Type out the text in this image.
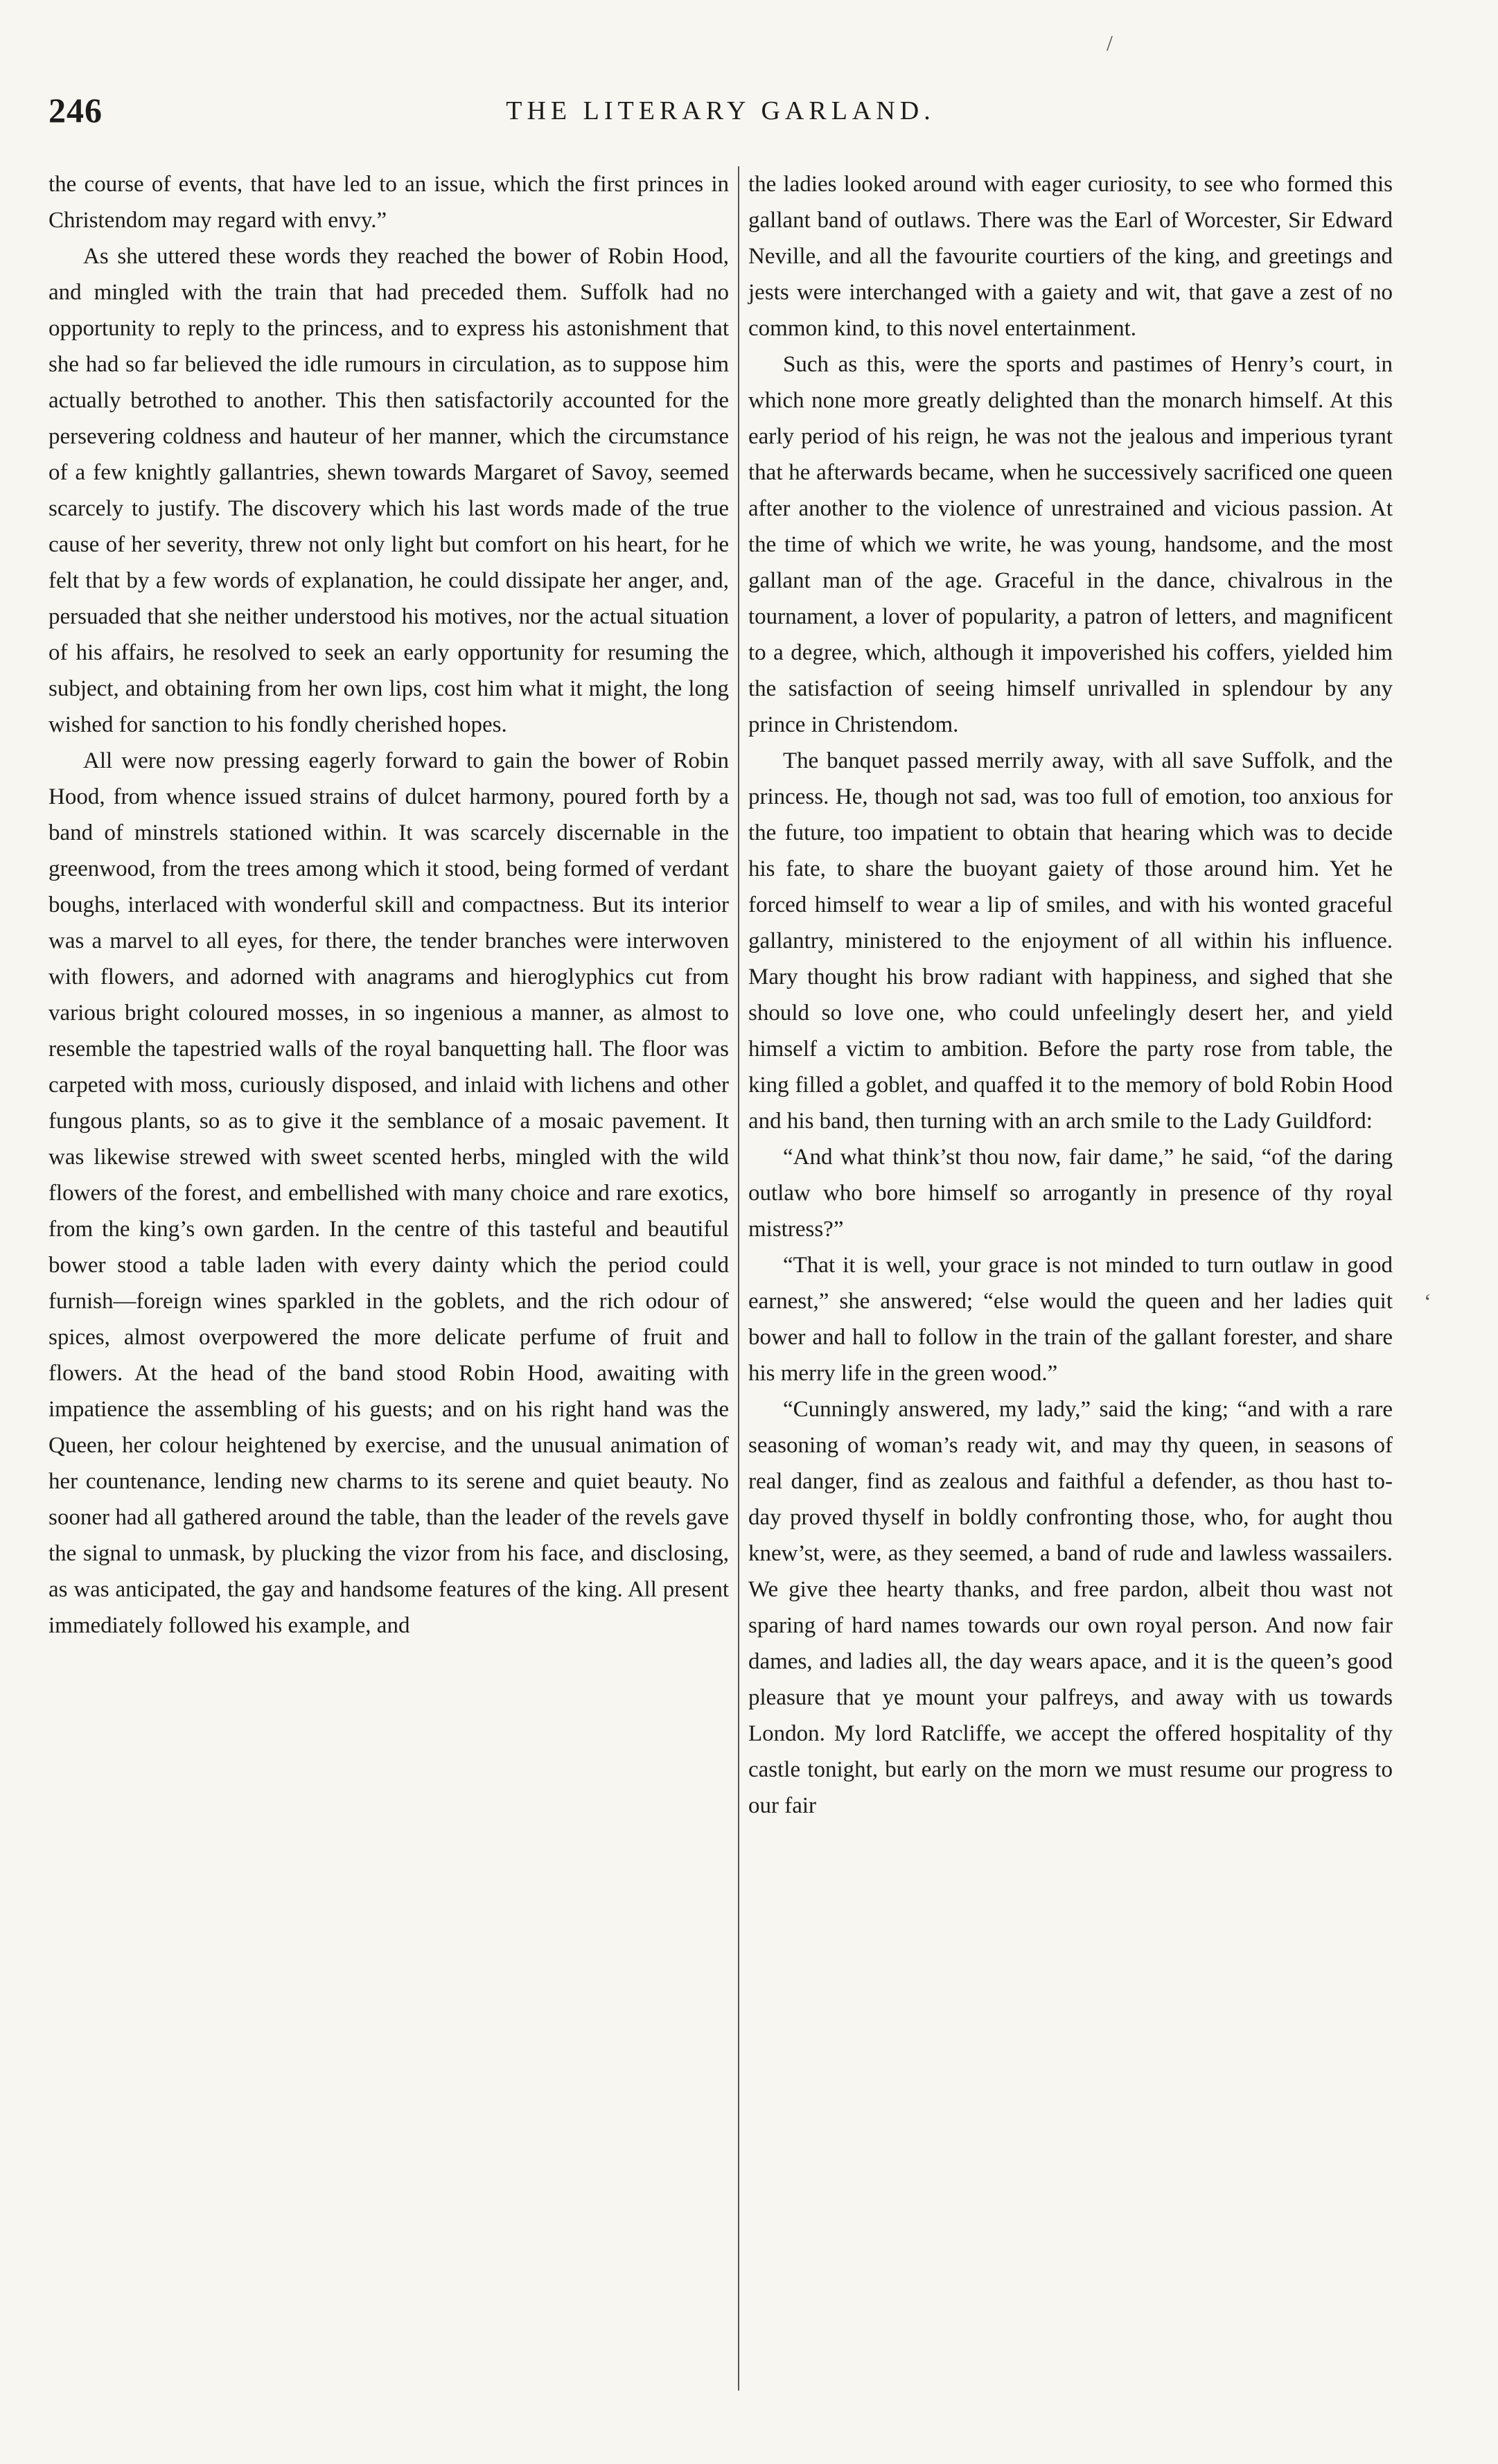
246	THE LITERARY GARLAND.
/
‘

the course of events, that have led to an issue, which the first princes in Christendom may regard with envy.”

As she uttered these words they reached the bower of Robin Hood, and mingled with the train that had preceded them. Suffolk had no opportunity to reply to the princess, and to express his astonishment that she had so far believed the idle rumours in circulation, as to suppose him actually betrothed to another. This then satisfactorily accounted for the persevering coldness and hauteur of her manner, which the circumstance of a few knightly gallantries, shewn towards Margaret of Savoy, seemed scarcely to justify. The discovery which his last words made of the true cause of her severity, threw not only light but comfort on his heart, for he felt that by a few words of explanation, he could dissipate her anger, and, persuaded that she neither understood his motives, nor the actual situation of his affairs, he resolved to seek an early opportunity for resuming the subject, and obtaining from her own lips, cost him what it might, the long wished for sanction to his fondly cherished hopes.

All were now pressing eagerly forward to gain the bower of Robin Hood, from whence issued strains of dulcet harmony, poured forth by a band of minstrels stationed within. It was scarcely discernable in the greenwood, from the trees among which it stood, being formed of verdant boughs, interlaced with wonderful skill and compactness. But its interior was a marvel to all eyes, for there, the tender branches were interwoven with flowers, and adorned with anagrams and hieroglyphics cut from various bright coloured mosses, in so ingenious a manner, as almost to resemble the tapestried walls of the royal banquetting hall. The floor was carpeted with moss, curiously disposed, and inlaid with lichens and other fungous plants, so as to give it the semblance of a mosaic pavement. It was likewise strewed with sweet scented herbs, mingled with the wild flowers of the forest, and embellished with many choice and rare exotics, from the king’s own garden. In the centre of this tasteful and beautiful bower stood a table laden with every dainty which the period could furnish—foreign wines sparkled in the goblets, and the rich odour of spices, almost overpowered the more delicate perfume of fruit and flowers. At the head of the band stood Robin Hood, awaiting with impatience the assembling of his guests; and on his right hand was the Queen, her colour heightened by exercise, and the unusual animation of her countenance, lending new charms to its serene and quiet beauty. No sooner had all gathered around the table, than the leader of the revels gave the signal to unmask, by plucking the vizor from his face, and disclosing, as was anticipated, the gay and handsome features of the king. All present immediately followed his example, and

the ladies looked around with eager curiosity, to see who formed this gallant band of outlaws. There was the Earl of Worcester, Sir Edward Neville, and all the favourite courtiers of the king, and greetings and jests were interchanged with a gaiety and wit, that gave a zest of no common kind, to this novel entertainment.

Such as this, were the sports and pastimes of Henry’s court, in which none more greatly delighted than the monarch himself. At this early period of his reign, he was not the jealous and imperious tyrant that he afterwards became, when he successively sacrificed one queen after another to the violence of unrestrained and vicious passion. At the time of which we write, he was young, handsome, and the most gallant man of the age. Graceful in the dance, chivalrous in the tournament, a lover of popularity, a patron of letters, and magnificent to a degree, which, although it impoverished his coffers, yielded him the satisfaction of seeing himself unrivalled in splendour by any prince in Christendom.

The banquet passed merrily away, with all save Suffolk, and the princess. He, though not sad, was too full of emotion, too anxious for the future, too impatient to obtain that hearing which was to decide his fate, to share the buoyant gaiety of those around him. Yet he forced himself to wear a lip of smiles, and with his wonted graceful gallantry, ministered to the enjoyment of all within his influence. Mary thought his brow radiant with happiness, and sighed that she should so love one, who could unfeelingly desert her, and yield himself a victim to ambition. Before the party rose from table, the king filled a goblet, and quaffed it to the memory of bold Robin Hood and his band, then turning with an arch smile to the Lady Guildford:

“And what think’st thou now, fair dame,” he said, “of the daring outlaw who bore himself so arrogantly in presence of thy royal mistress?”

“That it is well, your grace is not minded to turn outlaw in good earnest,” she answered; “else would the queen and her ladies quit bower and hall to follow in the train of the gallant forester, and share his merry life in the green wood.”

“Cunningly answered, my lady,” said the king; “and with a rare seasoning of woman’s ready wit, and may thy queen, in seasons of real danger, find as zealous and faithful a defender, as thou hast to-day proved thyself in boldly confronting those, who, for aught thou knew’st, were, as they seemed, a band of rude and lawless wassailers. We give thee hearty thanks, and free pardon, albeit thou wast not sparing of hard names towards our own royal person. And now fair dames, and ladies all, the day wears apace, and it is the queen’s good pleasure that ye mount your palfreys, and away with us towards London. My lord Ratcliffe, we accept the offered hospitality of thy castle tonight, but early on the morn we must resume our progress to our fair
